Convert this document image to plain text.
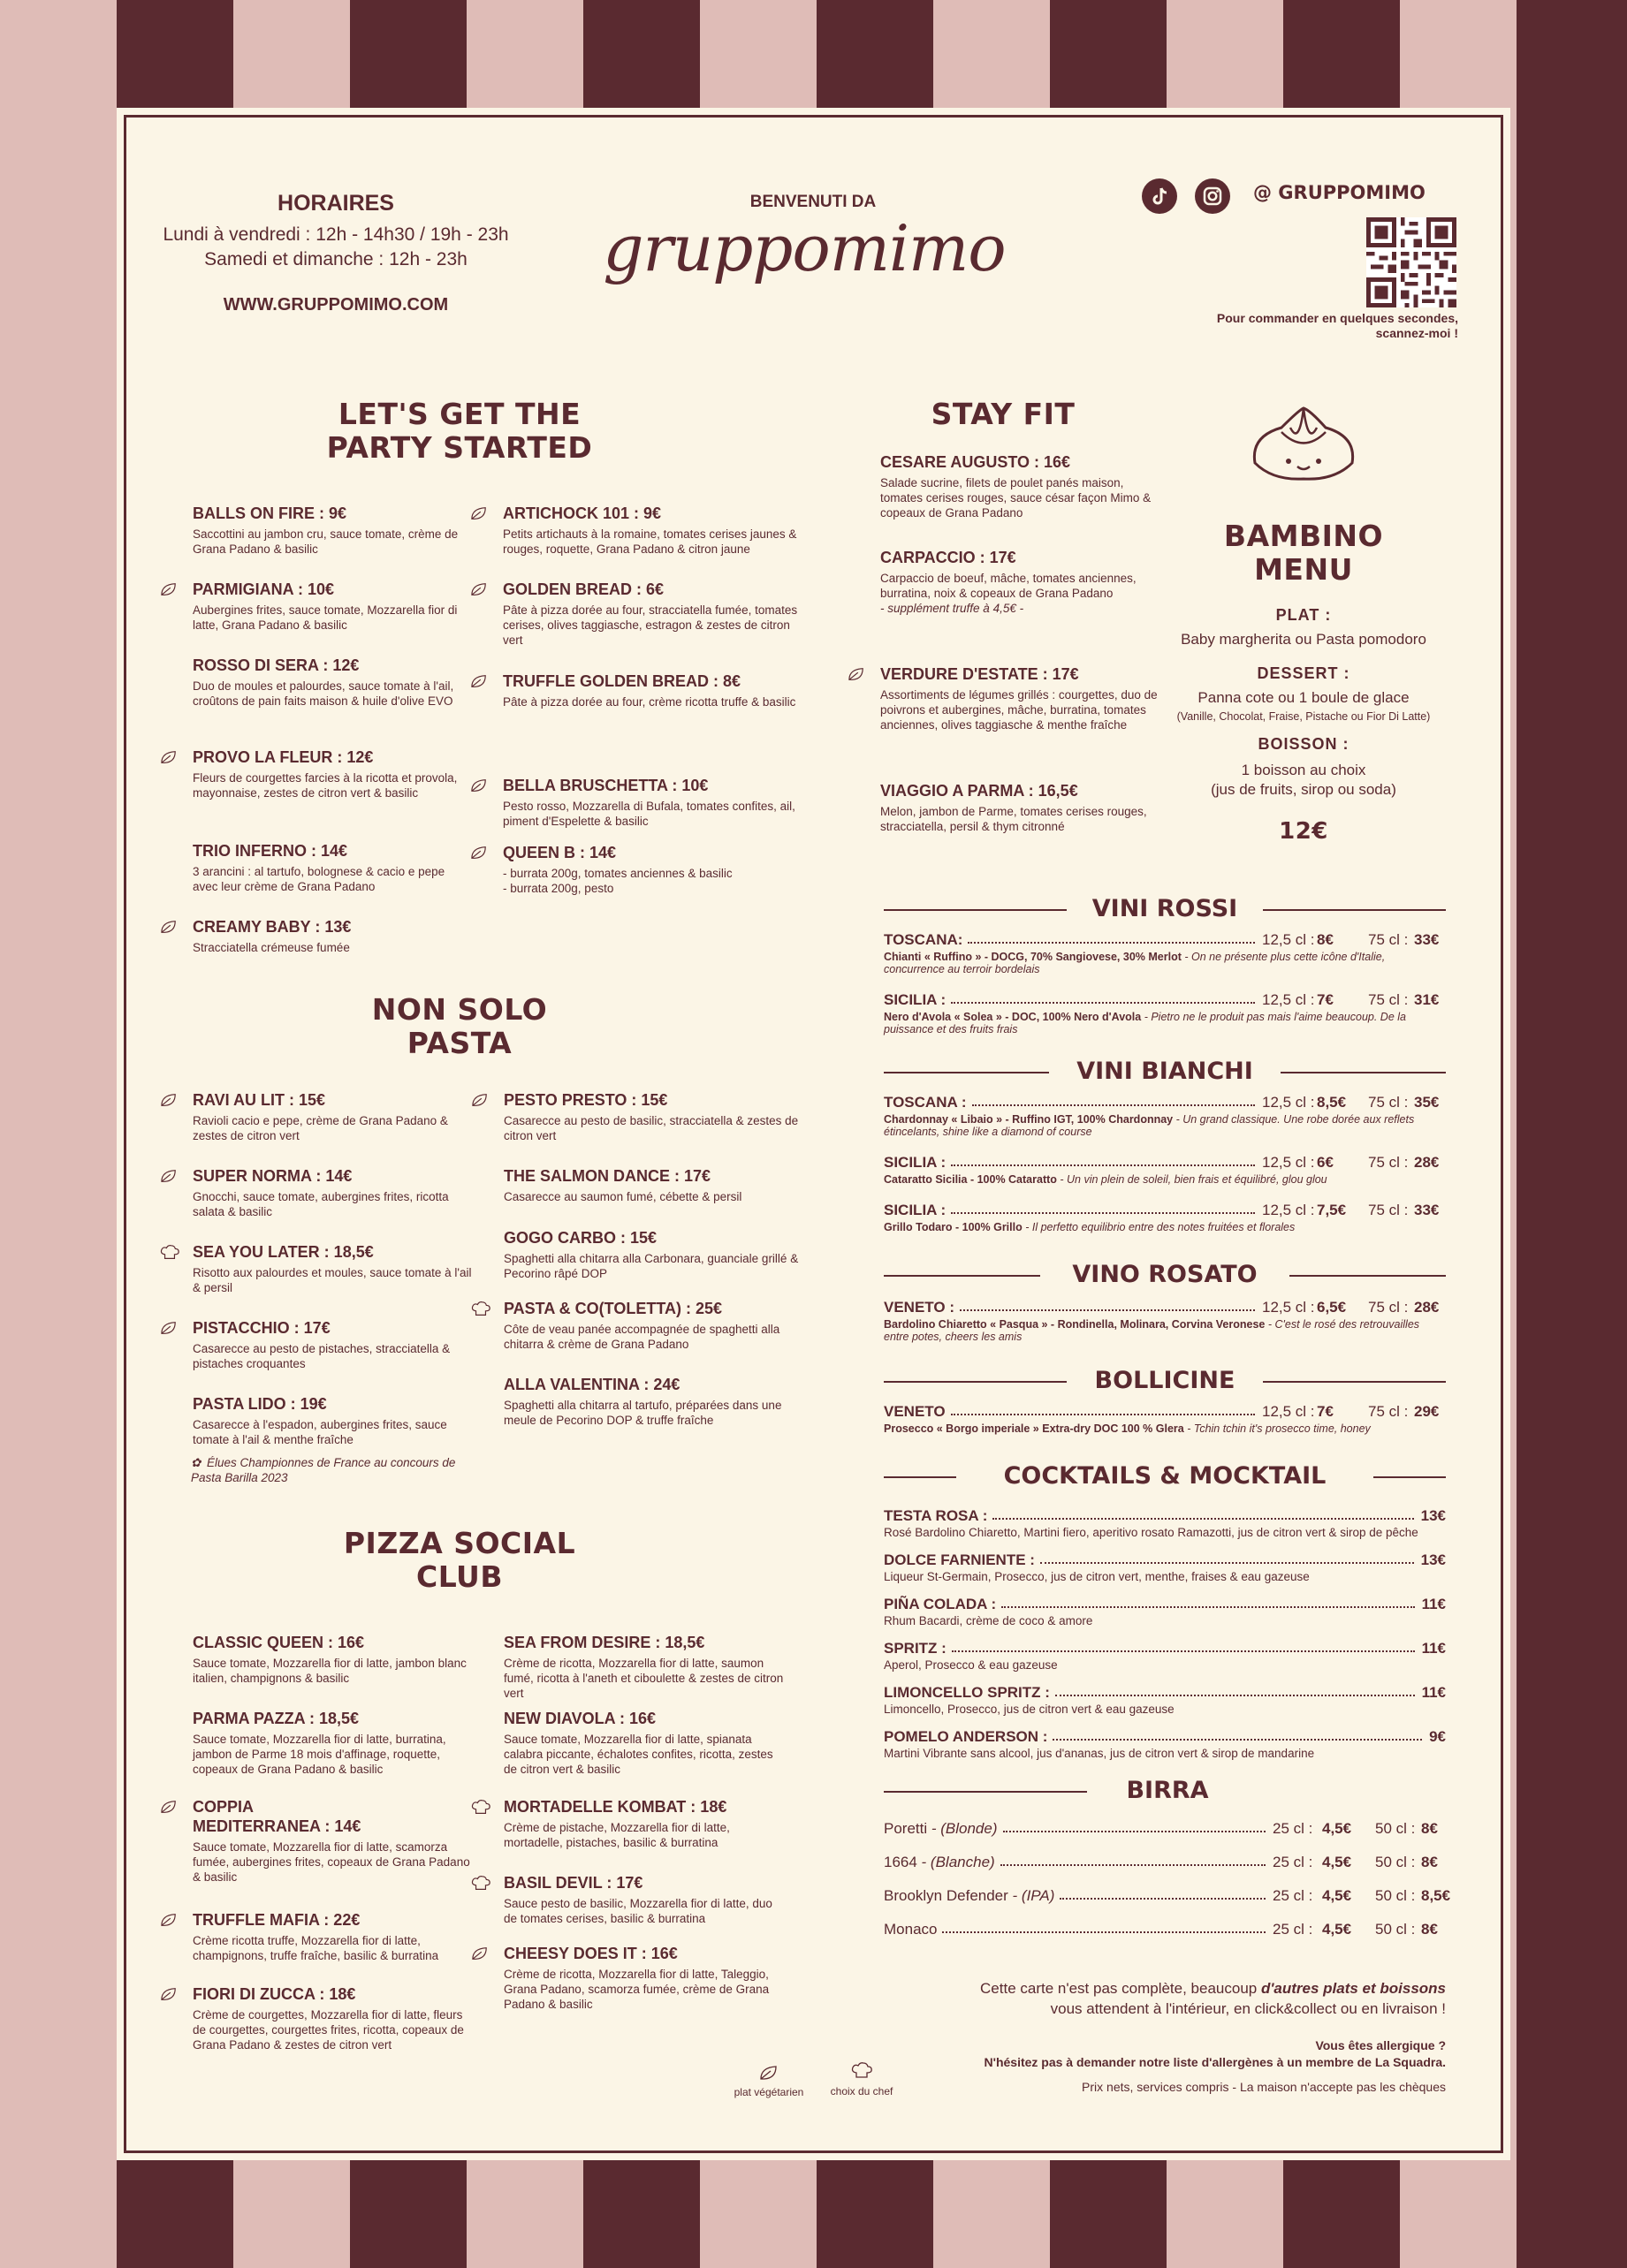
HORAIRES
Lundi à vendredi : 12h - 14h30 / 19h - 23h
Samedi et dimanche : 12h - 23h
WWW.GRUPPOMIMO.COM
BENVENUTI DA
gruppomimo
@ GRUPPOMIMO
Pour commander en quelques secondes,
scannez-moi !
LET'S GET THE
PARTY STARTED
NON SOLO
PASTA
PIZZA SOCIAL
CLUB
STAY FIT
BALLS ON FIRE : 9€
Saccottini au jambon cru, sauce tomate, crème de Grana Padano & basilic
PARMIGIANA : 10€
Aubergines frites, sauce tomate, Mozzarella fior di latte, Grana Padano & basilic
ROSSO DI SERA : 12€
Duo de moules et palourdes, sauce tomate à l'ail, croûtons de pain faits maison & huile d'olive EVO
PROVO LA FLEUR : 12€
Fleurs de courgettes farcies à la ricotta et provola, mayonnaise, zestes de citron vert & basilic
TRIO INFERNO : 14€
3 arancini : al tartufo, bolognese & cacio e pepe avec leur crème de Grana Padano
CREAMY BABY : 13€
Stracciatella crémeuse fumée
ARTICHOCK 101 : 9€
Petits artichauts à la romaine, tomates cerises jaunes & rouges, roquette, Grana Padano & citron jaune
GOLDEN BREAD : 6€
Pâte à pizza dorée au four, stracciatella fumée, tomates cerises, olives taggiasche, estragon & zestes de citron vert
TRUFFLE GOLDEN BREAD : 8€
Pâte à pizza dorée au four, crème ricotta truffe & basilic
BELLA BRUSCHETTA : 10€
Pesto rosso, Mozzarella di Bufala, tomates confites, ail, piment d'Espelette & basilic
QUEEN B : 14€
- burrata 200g, tomates anciennes & basilic
- burrata 200g, pesto
RAVI AU LIT : 15€
Ravioli cacio e pepe, crème de Grana Padano & zestes de citron vert
SUPER NORMA : 14€
Gnocchi, sauce tomate, aubergines frites, ricotta salata & basilic
SEA YOU LATER : 18,5€
Risotto aux palourdes et moules, sauce tomate à l'ail & persil
PISTACCHIO : 17€
Casarecce au pesto de pistaches, stracciatella & pistaches croquantes
PASTA LIDO : 19€
Casarecce à l'espadon, aubergines frites, sauce tomate à l'ail & menthe fraîche
PESTO PRESTO : 15€
Casarecce au pesto de basilic, stracciatella & zestes de citron vert
THE SALMON DANCE : 17€
Casarecce au saumon fumé, cébette & persil
GOGO CARBO : 15€
Spaghetti alla chitarra alla Carbonara, guanciale grillé & Pecorino râpé DOP
PASTA & CO(TOLETTA) : 25€
Côte de veau panée accompagnée de spaghetti alla chitarra & crème de Grana Padano
ALLA VALENTINA : 24€
Spaghetti alla chitarra al tartufo, préparées dans une meule de Pecorino DOP & truffe fraîche
CLASSIC QUEEN : 16€
Sauce tomate, Mozzarella fior di latte, jambon blanc italien, champignons & basilic
PARMA PAZZA : 18,5€
Sauce tomate, Mozzarella fior di latte, burratina, jambon de Parme 18 mois d'affinage, roquette, copeaux de Grana Padano & basilic
COPPIA
MEDITERRANEA : 14€
Sauce tomate, Mozzarella fior di latte, scamorza fumée, aubergines frites, copeaux de Grana Padano & basilic
TRUFFLE MAFIA : 22€
Crème ricotta truffe, Mozzarella fior di latte, champignons, truffe fraîche, basilic & burratina
FIORI DI ZUCCA : 18€
Crème de courgettes, Mozzarella fior di latte, fleurs de courgettes, courgettes frites, ricotta, copeaux de Grana Padano & zestes de citron vert
SEA FROM DESIRE : 18,5€
Crème de ricotta, Mozzarella fior di latte, saumon fumé, ricotta à l'aneth et ciboulette & zestes de citron vert
NEW DIAVOLA : 16€
Sauce tomate, Mozzarella fior di latte, spianata calabra piccante, échalotes confites, ricotta, zestes de citron vert & basilic
MORTADELLE KOMBAT : 18€
Crème de pistache, Mozzarella fior di latte, mortadelle, pistaches, basilic & burratina
BASIL DEVIL : 17€
Sauce pesto de basilic, Mozzarella fior di latte, duo de tomates cerises, basilic & burratina
CHEESY DOES IT : 16€
Crème de ricotta, Mozzarella fior di latte, Taleggio, Grana Padano, scamorza fumée, crème de Grana Padano & basilic
CESARE AUGUSTO : 16€
Salade sucrine, filets de poulet panés maison, tomates cerises rouges, sauce césar façon Mimo & copeaux de Grana Padano
CARPACCIO : 17€
Carpaccio de boeuf, mâche, tomates anciennes, burratina, noix & copeaux de Grana Padano
- supplément truffe à 4,5€ -
VERDURE D'ESTATE : 17€
Assortiments de légumes grillés : courgettes, duo de poivrons et aubergines, mâche, burratina, tomates anciennes, olives taggiasche & menthe fraîche
VIAGGIO A PARMA : 16,5€
Melon, jambon de Parme, tomates cerises rouges, stracciatella, persil & thym citronné
✿ Élues Championnes de France au concours de Pasta Barilla 2023
BAMBINO
MENU
PLAT :
Baby margherita ou Pasta pomodoro
DESSERT :
Panna cote ou 1 boule de glace
(Vanille, Chocolat, Fraise, Pistache ou Fior Di Latte)
BOISSON :
1 boisson au choix
(jus de fruits, sirop ou soda)
12€
VINI ROSSI
TOSCANA:	12,5 cl : 8€ 75 cl : 33€
Chianti « Ruffino » - DOCG, 70% Sangiovese, 30% Merlot - On ne présente plus cette icône d'Italie, concurrence au terroir bordelais
SICILIA :	12,5 cl : 7€ 75 cl : 31€
Nero d'Avola « Solea » - DOC, 100% Nero d'Avola - Pietro ne le produit pas mais l'aime beaucoup. De la puissance et des fruits frais
VINI BIANCHI
TOSCANA :	12,5 cl : 8,5€ 75 cl : 35€
Chardonnay « Libaio » - Ruffino IGT, 100% Chardonnay - Un grand classique. Une robe dorée aux reflets étincelants, shine like a diamond of course
SICILIA :	12,5 cl : 6€ 75 cl : 28€
Cataratto Sicilia - 100% Cataratto - Un vin plein de soleil, bien frais et équilibré, glou glou
SICILIA :	12,5 cl : 7,5€ 75 cl : 33€
Grillo Todaro - 100% Grillo - Il perfetto equilibrio entre des notes fruitées et florales
VINO ROSATO
VENETO :	12,5 cl : 6,5€ 75 cl : 28€
Bardolino Chiaretto « Pasqua » - Rondinella, Molinara, Corvina Veronese - C'est le rosé des retrouvailles entre potes, cheers les amis
BOLLICINE
VENETO	12,5 cl : 7€ 75 cl : 29€
Prosecco « Borgo imperiale » Extra-dry DOC 100 % Glera - Tchin tchin it's prosecco time, honey
COCKTAILS & MOCKTAIL
TESTA ROSA :	13€
Rosé Bardolino Chiaretto, Martini fiero, aperitivo rosato Ramazotti, jus de citron vert & sirop de pêche
DOLCE FARNIENTE :	13€
Liqueur St-Germain, Prosecco, jus de citron vert, menthe, fraises & eau gazeuse
PIÑA COLADA :	11€
Rhum Bacardi, crème de coco & amore
SPRITZ :	11€
Aperol, Prosecco & eau gazeuse
LIMONCELLO SPRITZ :	11€
Limoncello, Prosecco, jus de citron vert & eau gazeuse
POMELO ANDERSON :	9€
Martini Vibrante sans alcool, jus d'ananas, jus de citron vert & sirop de mandarine
BIRRA
Poretti - (Blonde)	25 cl : 4,5€ 50 cl : 8€
1664 - (Blanche)	25 cl : 4,5€ 50 cl : 8€
Brooklyn Defender - (IPA)	25 cl : 4,5€ 50 cl : 8,5€
Monaco	25 cl : 4,5€ 50 cl : 8€
Cette carte n'est pas complète, beaucoup d'autres plats et boissons
vous attendent à l'intérieur, en click&collect ou en livraison !
Vous êtes allergique ?
N'hésitez pas à demander notre liste d'allergènes à un membre de La Squadra.
Prix nets, services compris - La maison n'accepte pas les chèques
plat végétarien	choix du chef
